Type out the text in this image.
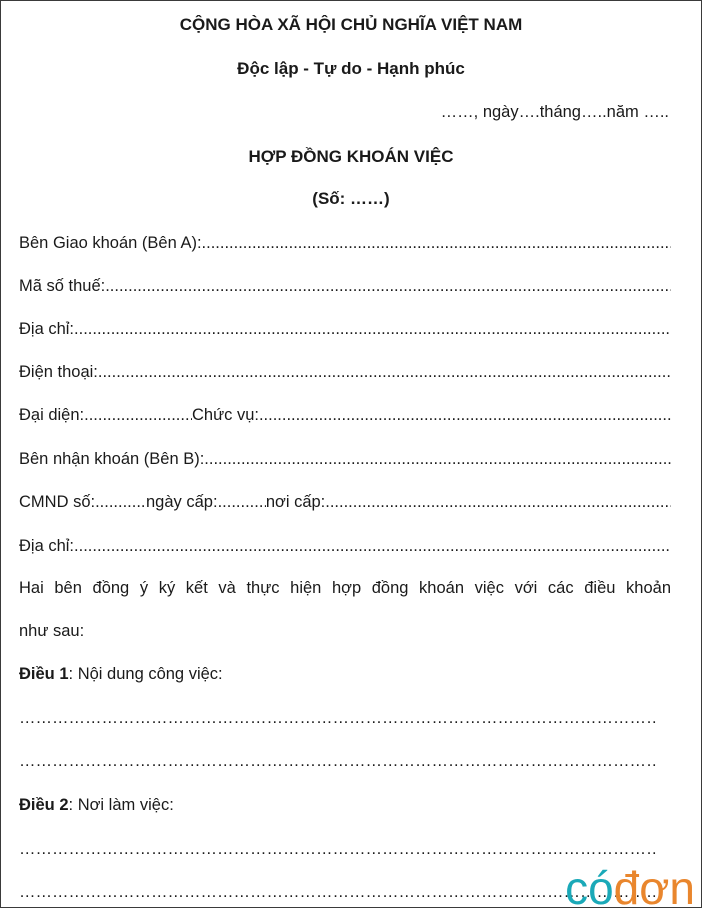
CỘNG HÒA XÃ HỘI CHỦ NGHĨA VIỆT NAM
Độc lập - Tự do - Hạnh phúc
……, ngày….tháng…..năm …..
HỢP ĐỒNG KHOÁN VIỆC
(Số: ……)
Bên Giao khoán (Bên A):
.....
Mã số thuế:
.....
Địa chỉ:
.....
Điện thoại:
.....
Đại diện: .....	Chức vụ:
.....
Bên nhận khoán (Bên B):
.....
CMND số: .....	ngày cấp: .....	nơi cấp:
.....
Địa chỉ:
.....
Hai bên đồng ý ký kết và thực hiện hợp đồng khoán việc với các điều khoản
như sau:
Điều 1: Nội dung công việc:
………………………………………………………………………………………………………………………………
………………………………………………………………………………………………………………………………
Điều 2: Nơi làm việc:
………………………………………………………………………………………………………………………………
………………………………………………………………………………………………………………………………
có đơn
